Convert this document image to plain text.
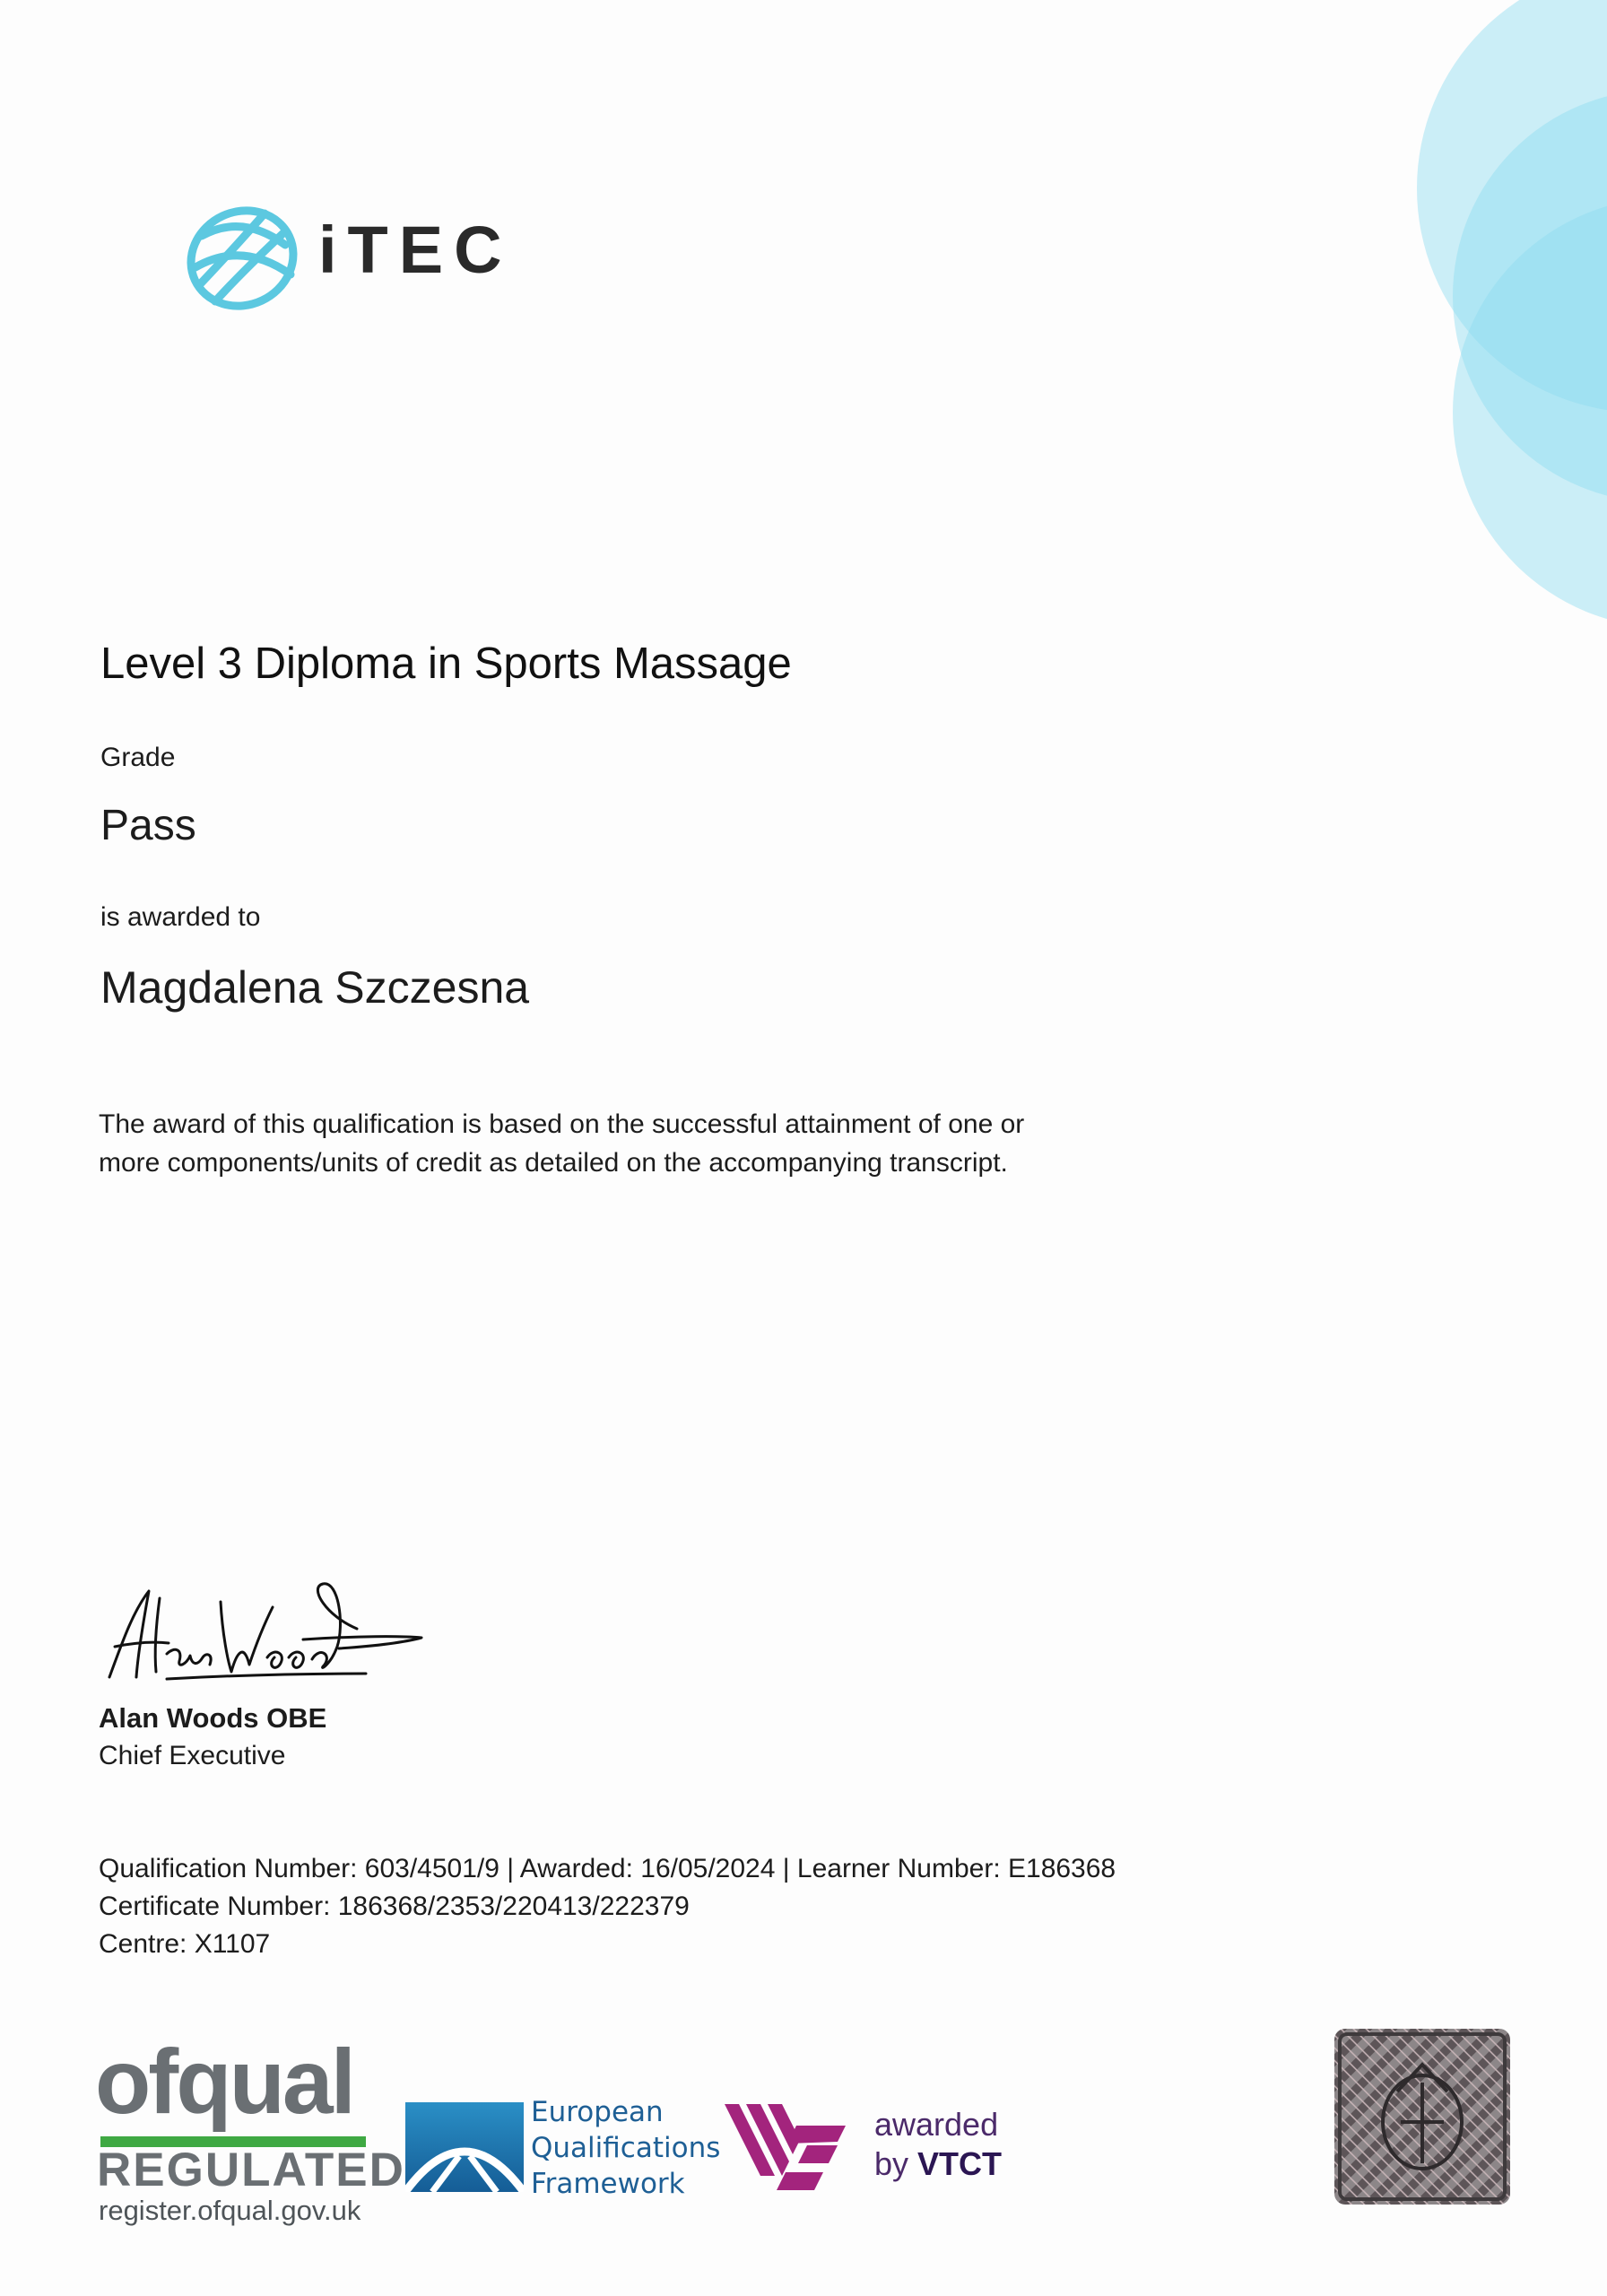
iTEC
Level 3 Diploma in Sports Massage
Grade
Pass
is awarded to
Magdalena Szczesna
The award of this qualification is based on the successful attainment of one or
more components/units of credit as detailed on the accompanying transcript.
Alan Woods OBE
Chief Executive
Qualification Number: 603/4501/9 | Awarded: 16/05/2024 | Learner Number: E186368
Certificate Number: 186368/2353/220413/222379
Centre: X1107
ofqual
REGULATED
register.ofqual.gov.uk
European
Qualifications
Framework
awarded
by VTCT
